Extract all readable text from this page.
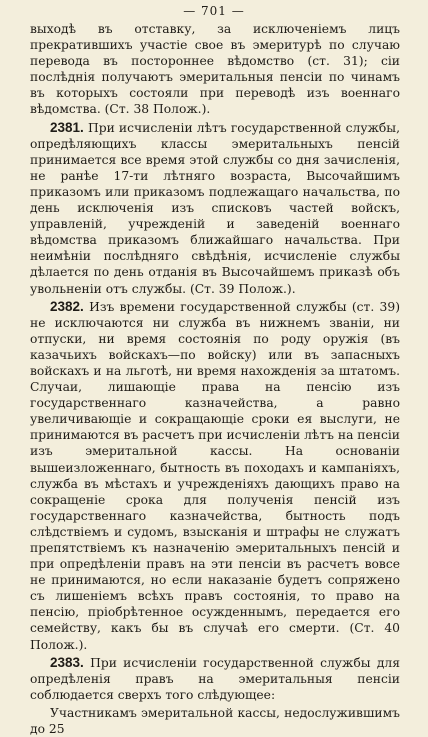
— 701 —

выходѣ въ отставку, за исключеніемъ лицъ прекратившихъ участіе свое въ эмеритурѣ по случаю перевода въ постороннее вѣдомство (ст. 31); сіи послѣднія получаютъ эмеритальныя пенсіи по чинамъ въ которыхъ состояли при переводѣ изъ военнаго вѣдомства. (Ст. 38 Полож.).

2381. При исчисленіи лѣтъ государственной службы, опредѣляющихъ классы эмеритальныхъ пенсій принимается все время этой службы со дня зачисленія, не ранѣе 17-ти лѣтняго возраста, Высочайшимъ приказомъ или приказомъ подлежащаго начальства, по день исключенія изъ списковъ частей войскъ, управленій, учрежденій и заведеній военнаго вѣдомства приказомъ ближайшаго начальства. При неимѣніи послѣдняго свѣдѣнія, исчисленіе службы дѣлается по день отданія въ Высочайшемъ приказѣ объ увольненіи отъ службы. (Ст. 39 Полож.).

2382. Изъ времени государственной службы (ст. 39) не исключаются ни служба въ нижнемъ званіи, ни отпуски, ни время состоянія по роду оружія (въ казачьихъ войскахъ—по войску) или въ запасныхъ войскахъ и на льготѣ, ни время нахожденія за штатомъ. Случаи, лишающіе права на пенсію изъ государственнаго казначейства, а равно увеличивающіе и сокращающіе сроки ея выслуги, не принимаются въ расчетъ при исчисленіи лѣтъ на пенсіи изъ эмеритальной кассы. На основаніи вышеизложеннаго, бытность въ походахъ и кампаніяхъ, служба въ мѣстахъ и учрежденіяхъ дающихъ право на сокращеніе срока для полученія пенсій изъ государственнаго казначейства, бытность подъ слѣдствіемъ и судомъ, взысканія и штрафы не служатъ препятствіемъ къ назначенію эмеритальныхъ пенсій и при опредѣленіи правъ на эти пенсіи въ расчетъ вовсе не принимаются, но если наказаніе будетъ сопряжено съ лишеніемъ всѣхъ правъ состоянія, то право на пенсію, пріобрѣтенное осужденнымъ, передается его семейству, какъ бы въ случаѣ его смерти. (Ст. 40 Полож.).

2383. При исчисленіи государственной службы для опредѣленія правъ на эмеритальныя пенсіи соблюдается сверхъ того слѣдующее:

Участникамъ эмеритальной кассы, недослужившимъ до 25
